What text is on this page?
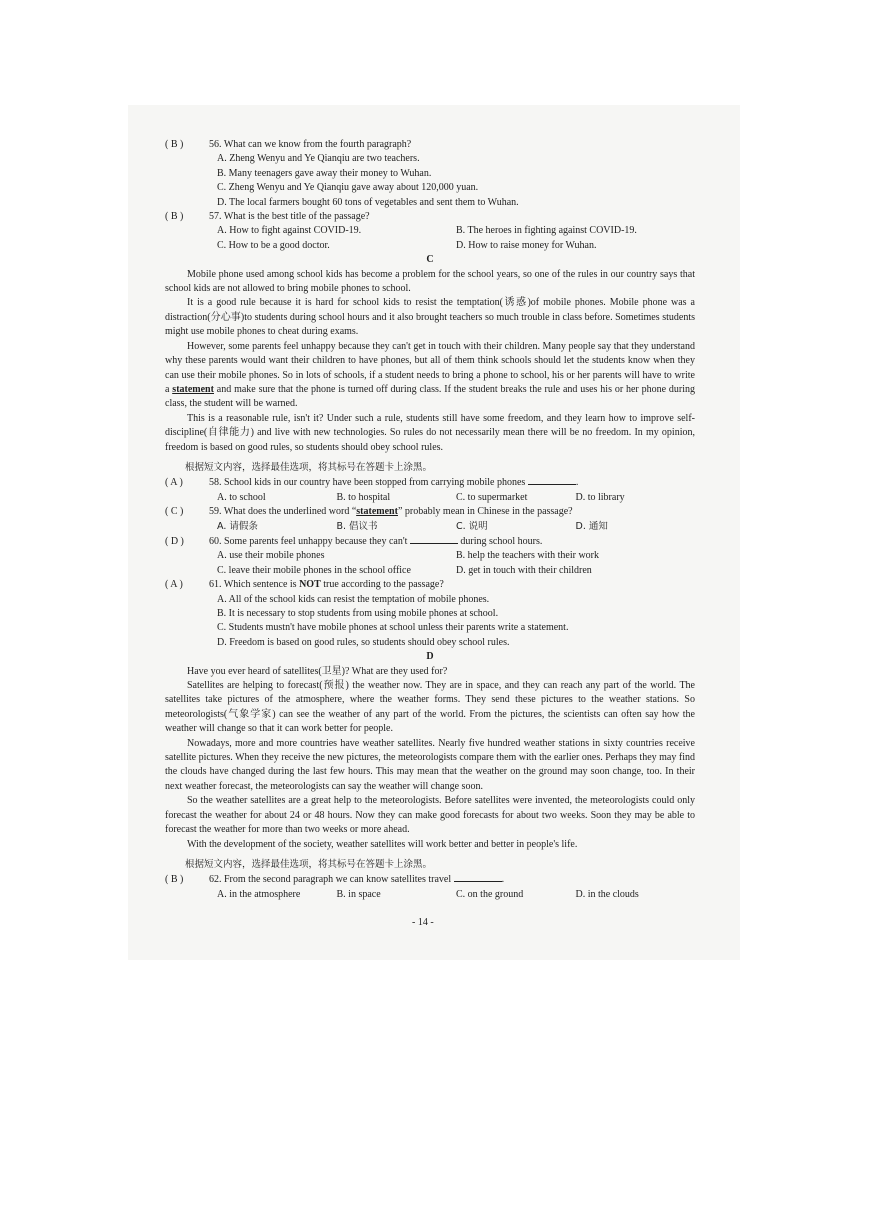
( B )	56. What can we know from the fourth paragraph?
A. Zheng Wenyu and Ye Qianqiu are two teachers.
B. Many teenagers gave away their money to Wuhan.
C. Zheng Wenyu and Ye Qianqiu gave away about 120,000 yuan.
D. The local farmers bought 60 tons of vegetables and sent them to Wuhan.
( B )	57. What is the best title of the passage?
A. How to fight against COVID-19.	B. The heroes in fighting against COVID-19.
C. How to be a good doctor.	D. How to raise money for Wuhan.

C

Mobile phone used among school kids has become a problem for the school years, so one of the rules in our country says that school kids are not allowed to bring mobile phones to school.

It is a good rule because it is hard for school kids to resist the temptation(诱惑)of mobile phones. Mobile phone was a distraction(分心事)to students during school hours and it also brought teachers so much trouble in class before. Sometimes students might use mobile phones to cheat during exams.

However, some parents feel unhappy because they can't get in touch with their children. Many people say that they understand why these parents would want their children to have phones, but all of them think schools should let the students know when they can use their mobile phones. So in lots of schools, if a student needs to bring a phone to school, his or her parents will have to write a statement and make sure that the phone is turned off during class. If the student breaks the rule and uses his or her phone during class, the student will be warned.

This is a reasonable rule, isn't it? Under such a rule, students still have some freedom, and they learn how to improve self-discipline(自律能力) and live with new technologies. So rules do not necessarily mean there will be no freedom. In my opinion, freedom is based on good rules, so students should obey school rules.

根据短文内容，选择最佳选项，将其标号在答题卡上涂黑。
( A )	58. School kids in our country have been stopped from carrying mobile phones	.
A. to school	B. to hospital	C. to supermarket	D. to library
( C )	59. What does the underlined word “statement” probably mean in Chinese in the passage?
A. 请假条	B. 倡议书	C. 说明	D. 通知
( D )	60. Some parents feel unhappy because they can't	during school hours.
A. use their mobile phones	B. help the teachers with their work
C. leave their mobile phones in the school office	D. get in touch with their children
( A )	61. Which sentence is NOT true according to the passage?
A. All of the school kids can resist the temptation of mobile phones.
B. It is necessary to stop students from using mobile phones at school.
C. Students mustn't have mobile phones at school unless their parents write a statement.
D. Freedom is based on good rules, so students should obey school rules.

D

Have you ever heard of satellites(卫星)? What are they used for?

Satellites are helping to forecast(预报) the weather now. They are in space, and they can reach any part of the world. The satellites take pictures of the atmosphere, where the weather forms. They send these pictures to the weather stations. So meteorologists(气象学家) can see the weather of any part of the world. From the pictures, the scientists can often say how the weather will change so that it can work better for people.

Nowadays, more and more countries have weather satellites. Nearly five hundred weather stations in sixty countries receive satellite pictures. When they receive the new pictures, the meteorologists compare them with the earlier ones. Perhaps they may find the clouds have changed during the last few hours. This may mean that the weather on the ground may soon change, too. In their next weather forecast, the meteorologists can say the weather will change soon.

So the weather satellites are a great help to the meteorologists. Before satellites were invented, the meteorologists could only forecast the weather for about 24 or 48 hours. Now they can make good forecasts for about two weeks. Soon they may be able to forecast the weather for more than two weeks or more ahead.

With the development of the society, weather satellites will work better and better in people's life.

根据短文内容，选择最佳选项，将其标号在答题卡上涂黑。
( B )	62. From the second paragraph we can know satellites travel	.
A. in the atmosphere	B. in space	C. on the ground	D. in the clouds
- 14 -
